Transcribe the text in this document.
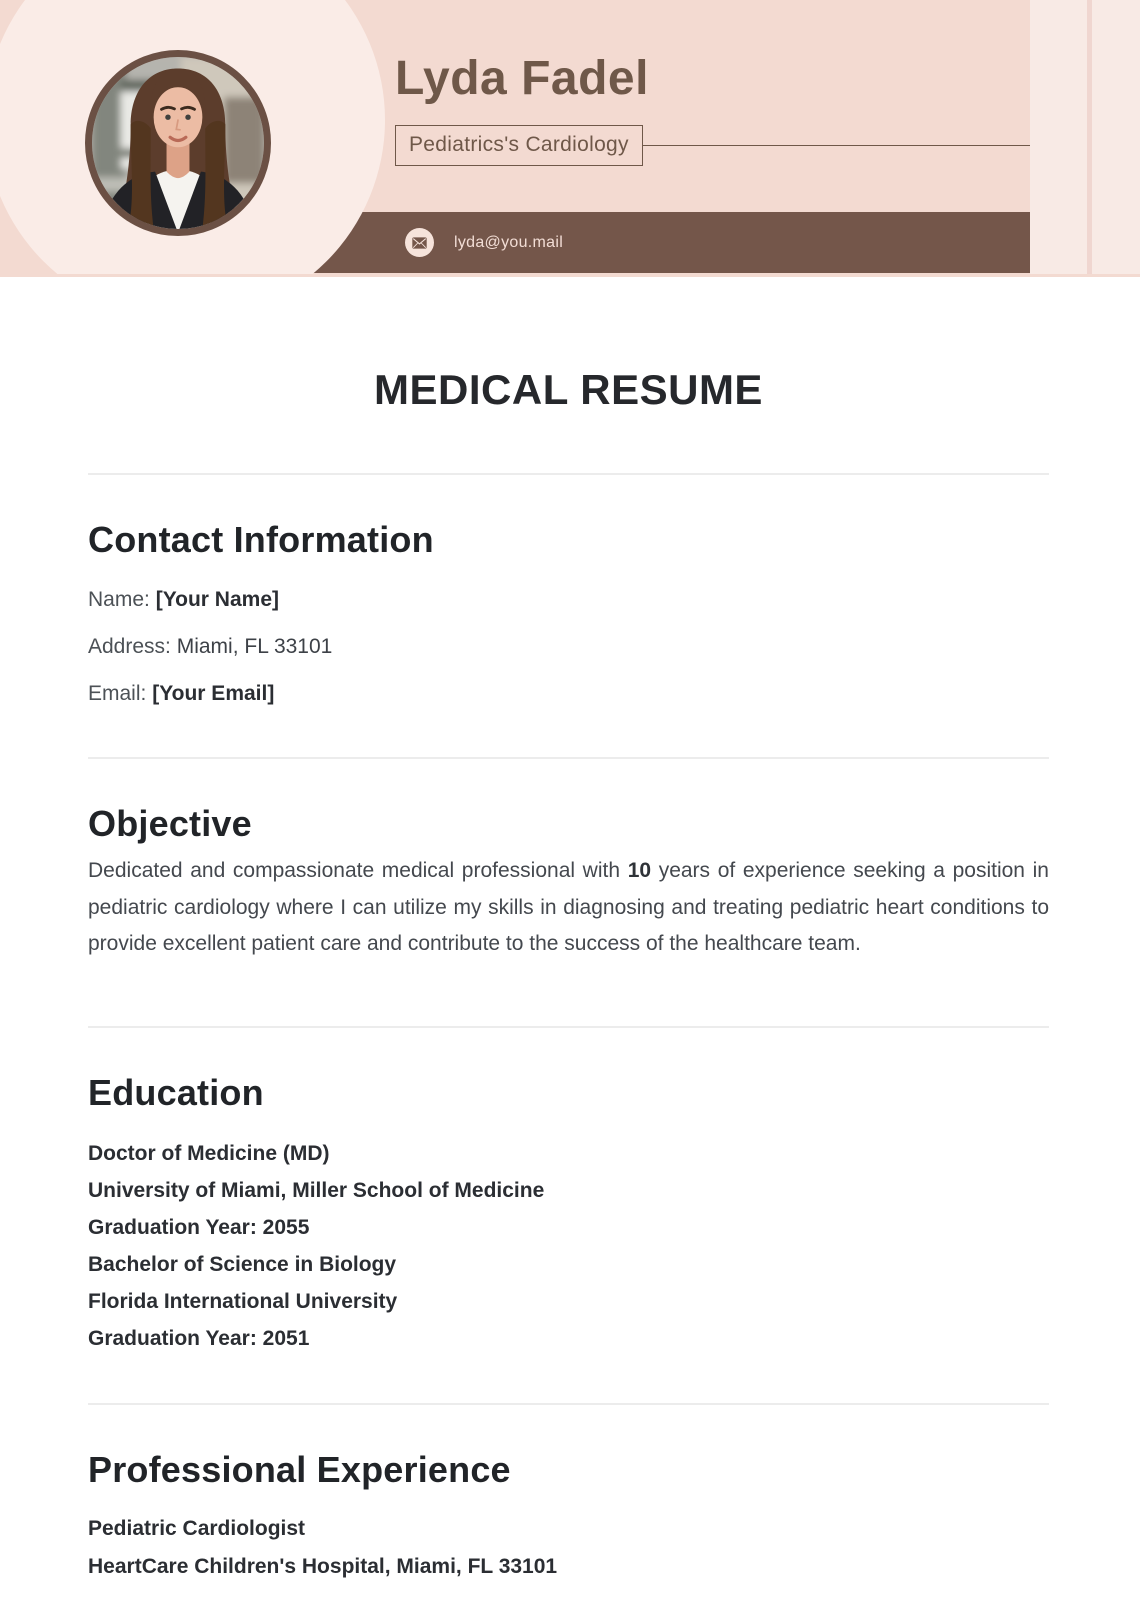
Lyda Fadel
Pediatrics's Cardiology
lyda@you.mail
MEDICAL RESUME
Contact Information

Name: [Your Name]

Address: Miami, FL 33101

Email: [Your Email]

Objective

Dedicated and compassionate medical professional with 10 years of experience seeking a position in pediatric cardiology where I can utilize my skills in diagnosing and treating pediatric heart conditions to provide excellent patient care and contribute to the success of the healthcare team.

Education

Doctor of Medicine (MD)

University of Miami, Miller School of Medicine

Graduation Year: 2055

Bachelor of Science in Biology

Florida International University

Graduation Year: 2051

Professional Experience

Pediatric Cardiologist

HeartCare Children's Hospital, Miami, FL 33101
